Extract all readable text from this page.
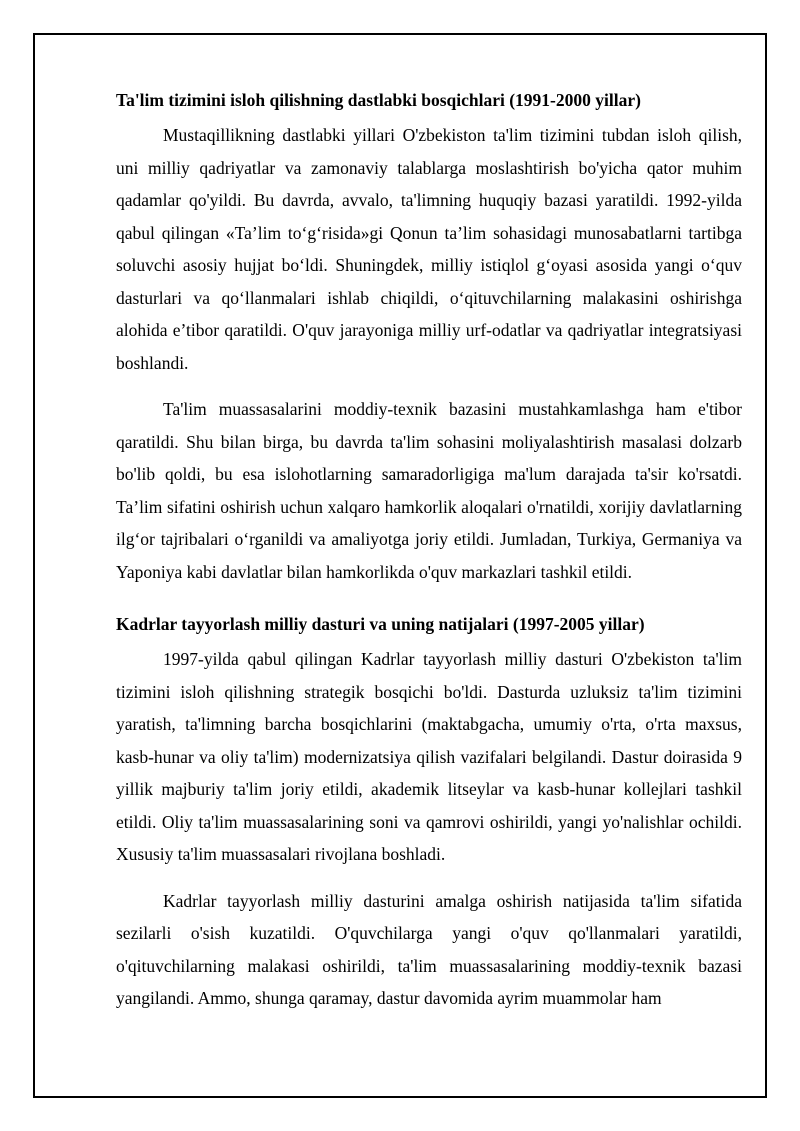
Ta'lim tizimini isloh qilishning dastlabki bosqichlari (1991-2000 yillar)

Mustaqillikning dastlabki yillari O'zbekiston ta'lim tizimini tubdan isloh qilish, uni milliy qadriyatlar va zamonaviy talablarga moslashtirish bo'yicha qator muhim qadamlar qo'yildi. Bu davrda, avvalo, ta'limning huquqiy bazasi yaratildi. 1992-yilda qabul qilingan «Ta’lim to‘g‘risida»gi Qonun ta’lim sohasidagi munosabatlarni tartibga soluvchi asosiy hujjat bo‘ldi. Shuningdek, milliy istiqlol g‘oyasi asosida yangi o‘quv dasturlari va qo‘llanmalari ishlab chiqildi, o‘qituvchilarning malakasini oshirishga alohida e’tibor qaratildi. O'quv jarayoniga milliy urf-odatlar va qadriyatlar integratsiyasi boshlandi.

Ta'lim muassasalarini moddiy-texnik bazasini mustahkamlashga ham e'tibor qaratildi. Shu bilan birga, bu davrda ta'lim sohasini moliyalashtirish masalasi dolzarb bo'lib qoldi, bu esa islohotlarning samaradorligiga ma'lum darajada ta'sir ko'rsatdi. Ta’lim sifatini oshirish uchun xalqaro hamkorlik aloqalari o'rnatildi, xorijiy davlatlarning ilg‘or tajribalari o‘rganildi va amaliyotga joriy etildi. Jumladan, Turkiya, Germaniya va Yaponiya kabi davlatlar bilan hamkorlikda o'quv markazlari tashkil etildi.

Kadrlar tayyorlash milliy dasturi va uning natijalari (1997-2005 yillar)

1997-yilda qabul qilingan Kadrlar tayyorlash milliy dasturi O'zbekiston ta'lim tizimini isloh qilishning strategik bosqichi bo'ldi. Dasturda uzluksiz ta'lim tizimini yaratish, ta'limning barcha bosqichlarini (maktabgacha, umumiy o'rta, o'rta maxsus, kasb-hunar va oliy ta'lim) modernizatsiya qilish vazifalari belgilandi. Dastur doirasida 9 yillik majburiy ta'lim joriy etildi, akademik litseylar va kasb-hunar kollejlari tashkil etildi. Oliy ta'lim muassasalarining soni va qamrovi oshirildi, yangi yo'nalishlar ochildi. Xususiy ta'lim muassasalari rivojlana boshladi.

Kadrlar tayyorlash milliy dasturini amalga oshirish natijasida ta'lim sifatida sezilarli o'sish kuzatildi. O'quvchilarga yangi o'quv qo'llanmalari yaratildi, o'qituvchilarning malakasi oshirildi, ta'lim muassasalarining moddiy-texnik bazasi yangilandi. Ammo, shunga qaramay, dastur davomida ayrim muammolar ham
